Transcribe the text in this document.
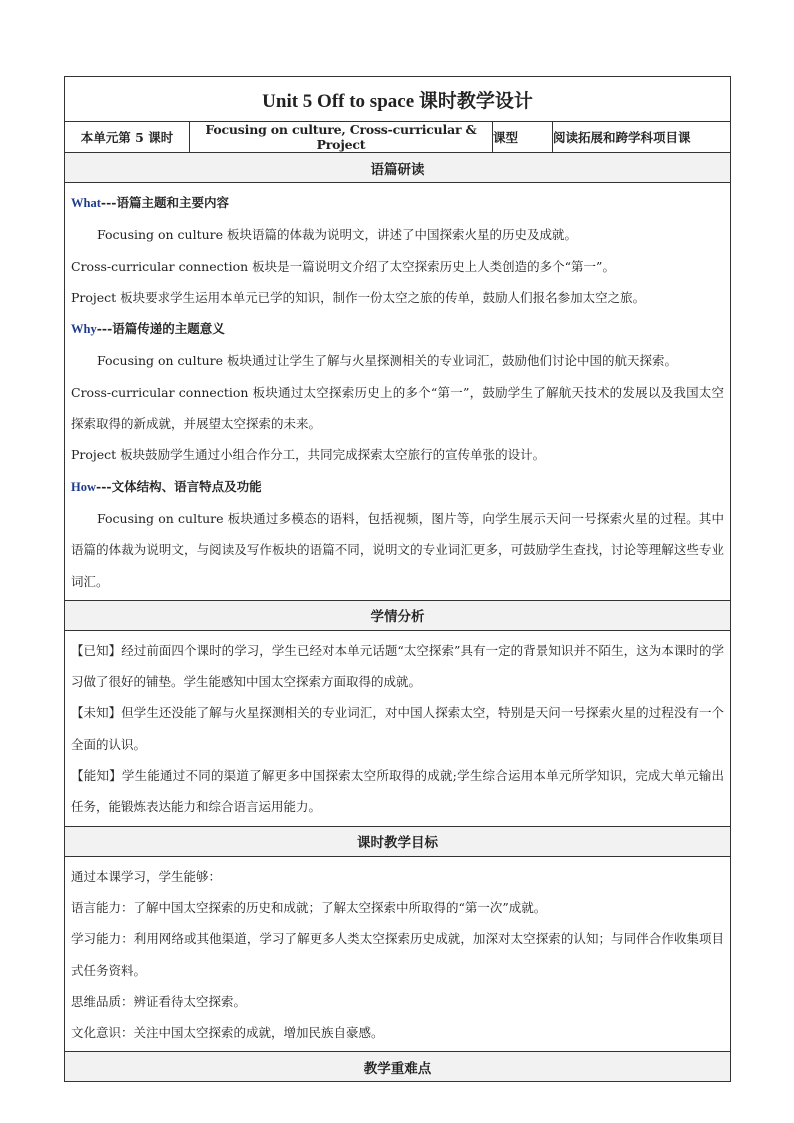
Unit 5 Off to space 课时教学设计
本单元第 5 课时	Focusing on culture, Cross-curricular & Project	课型	阅读拓展和跨学科项目课
语篇研读

What---语篇主题和主要内容

Focusing on culture 板块语篇的体裁为说明文，讲述了中国探索火星的历史及成就。

Cross-curricular connection 板块是一篇说明文介绍了太空探索历史上人类创造的多个“第一”。

Project 板块要求学生运用本单元已学的知识，制作一份太空之旅的传单，鼓励人们报名参加太空之旅。

Why---语篇传递的主题意义

Focusing on culture 板块通过让学生了解与火星探测相关的专业词汇，鼓励他们讨论中国的航天探索。

Cross-curricular connection 板块通过太空探索历史上的多个“第一”，鼓励学生了解航天技术的发展以及我国太空探索取得的新成就，并展望太空探索的未来。

Project 板块鼓励学生通过小组合作分工，共同完成探索太空旅行的宣传单张的设计。

How---文体结构、语言特点及功能

Focusing on culture 板块通过多模态的语料，包括视频，图片等，向学生展示天问一号探索火星的过程。其中语篇的体裁为说明文，与阅读及写作板块的语篇不同，说明文的专业词汇更多，可鼓励学生查找，讨论等理解这些专业词汇。

学情分析

【已知】经过前面四个课时的学习，学生已经对本单元话题“太空探索”具有一定的背景知识并不陌生，这为本课时的学习做了很好的铺垫。学生能感知中国太空探索方面取得的成就。

【未知】但学生还没能了解与火星探测相关的专业词汇，对中国人探索太空，特别是天问一号探索火星的过程没有一个全面的认识。

【能知】学生能通过不同的渠道了解更多中国探索太空所取得的成就;学生综合运用本单元所学知识，完成大单元输出任务，能锻炼表达能力和综合语言运用能力。

课时教学目标

通过本课学习，学生能够：

语言能力：了解中国太空探索的历史和成就；了解太空探索中所取得的“第一次”成就。

学习能力：利用网络或其他渠道，学习了解更多人类太空探索历史成就，加深对太空探索的认知；与同伴合作收集项目式任务资料。

思维品质：辨证看待太空探索。

文化意识：关注中国太空探索的成就，增加民族自豪感。

教学重难点
